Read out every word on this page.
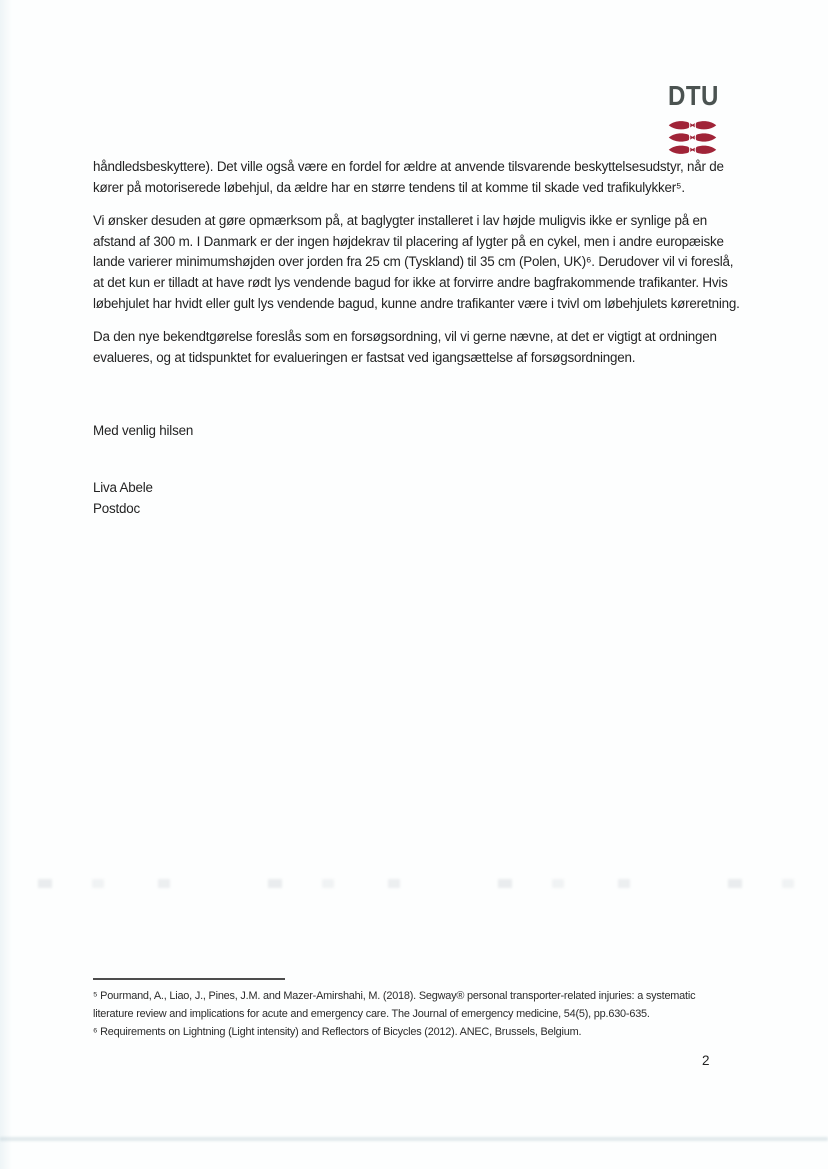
DTU

håndledsbeskyttere). Det ville også være en fordel for ældre at anvende tilsvarende beskyttelsesudstyr, når de kører på motoriserede løbehjul, da ældre har en større tendens til at komme til skade ved trafikulykker⁵.

Vi ønsker desuden at gøre opmærksom på, at baglygter installeret i lav højde muligvis ikke er synlige på en afstand af 300 m. I Danmark er der ingen højdekrav til placering af lygter på en cykel, men i andre europæiske lande varierer minimumshøjden over jorden fra 25 cm (Tyskland) til 35 cm (Polen, UK)⁶. Derudover vil vi foreslå, at det kun er tilladt at have rødt lys vendende bagud for ikke at forvirre andre bagfrakommende trafikanter. Hvis løbehjulet har hvidt eller gult lys vendende bagud, kunne andre trafikanter være i tvivl om løbehjulets køreretning.

Da den nye bekendtgørelse foreslås som en forsøgsordning, vil vi gerne nævne, at det er vigtigt at ordningen evalueres, og at tidspunktet for evalueringen er fastsat ved igangsættelse af forsøgsordningen.

Med venlig hilsen

Liva Abele
Postdoc

⁵ Pourmand, A., Liao, J., Pines, J.M. and Mazer-Amirshahi, M. (2018). Segway® personal transporter-related injuries: a systematic literature review and implications for acute and emergency care. The Journal of emergency medicine, 54(5), pp.630-635.

⁶ Requirements on Lightning (Light intensity) and Reflectors of Bicycles (2012). ANEC, Brussels, Belgium.

2
